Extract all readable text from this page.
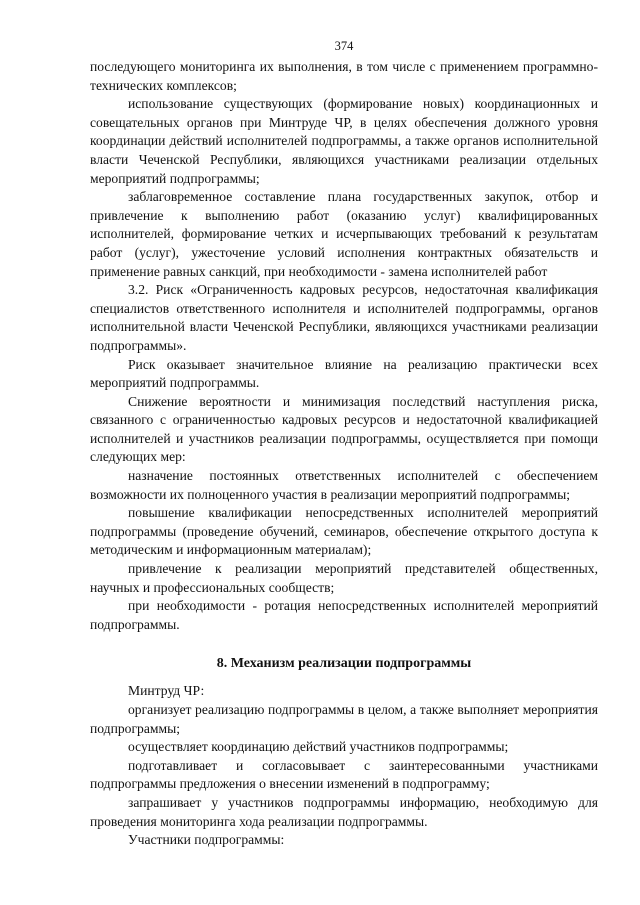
374

последующего мониторинга их выполнения, в том числе с применением программно-технических комплексов;

использование существующих (формирование новых) координационных и совещательных органов при Минтруде ЧР, в целях обеспечения должного уровня координации действий исполнителей подпрограммы, а также органов исполнительной власти Чеченской Республики, являющихся участниками реализации отдельных мероприятий подпрограммы;

заблаговременное составление плана государственных закупок, отбор и привлечение к выполнению работ (оказанию услуг) квалифицированных исполнителей, формирование четких и исчерпывающих требований к результатам работ (услуг), ужесточение условий исполнения контрактных обязательств и применение равных санкций, при необходимости - замена исполнителей работ

3.2. Риск «Ограниченность кадровых ресурсов, недостаточная квалификация специалистов ответственного исполнителя и исполнителей подпрограммы, органов исполнительной власти Чеченской Республики, являющихся участниками реализации подпрограммы».

Риск оказывает значительное влияние на реализацию практически всех мероприятий подпрограммы.

Снижение вероятности и минимизация последствий наступления риска, связанного с ограниченностью кадровых ресурсов и недостаточной квалификацией исполнителей и участников реализации подпрограммы, осуществляется при помощи следующих мер:

назначение постоянных ответственных исполнителей с обеспечением возможности их полноценного участия в реализации мероприятий подпрограммы;

повышение квалификации непосредственных исполнителей мероприятий подпрограммы (проведение обучений, семинаров, обеспечение открытого доступа к методическим и информационным материалам);

привлечение к реализации мероприятий представителей общественных, научных и профессиональных сообществ;

при необходимости - ротация непосредственных исполнителей мероприятий подпрограммы.

8. Механизм реализации подпрограммы

Минтруд ЧР:

организует реализацию подпрограммы в целом, а также выполняет мероприятия подпрограммы;

осуществляет координацию действий участников подпрограммы;

подготавливает и согласовывает с заинтересованными участниками подпрограммы предложения о внесении изменений в подпрограмму;

запрашивает у участников подпрограммы информацию, необходимую для проведения мониторинга хода реализации подпрограммы.

Участники подпрограммы:
